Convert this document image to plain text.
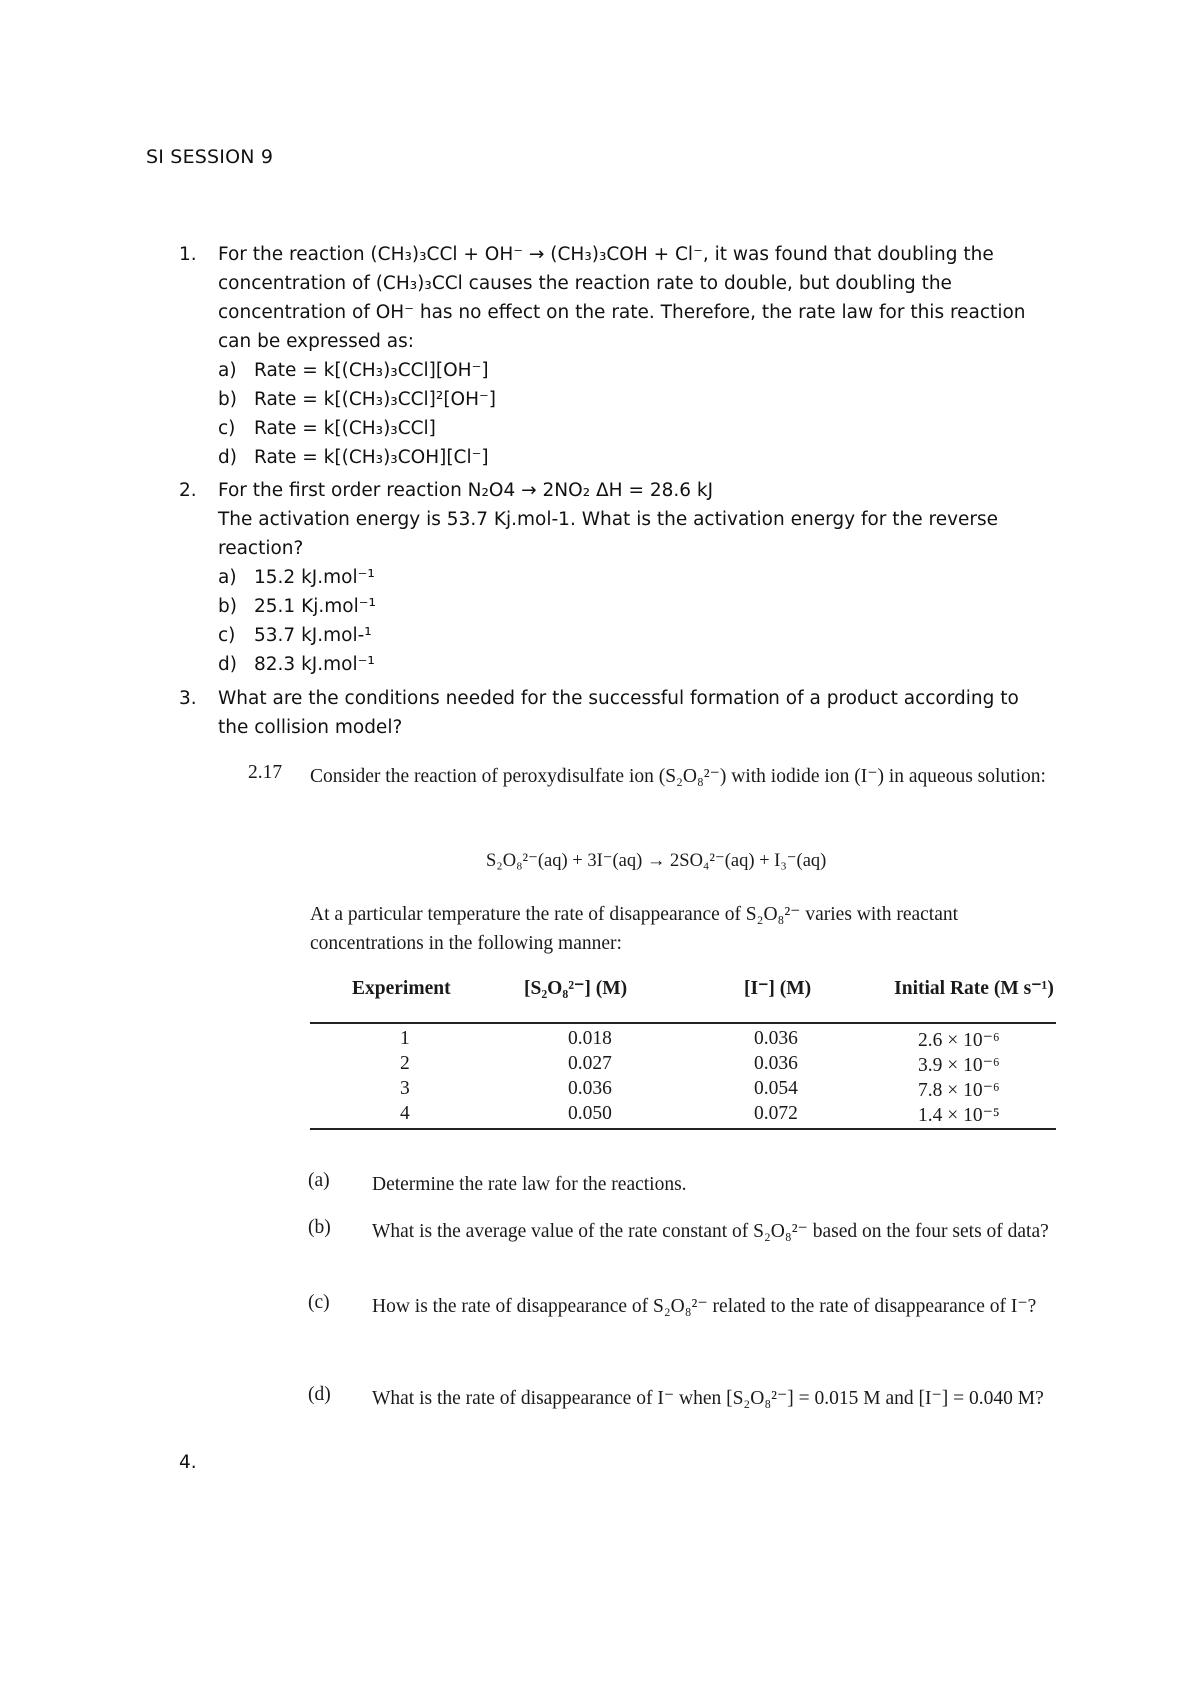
SI SESSION 9
1. For the reaction (CH₃)₃CCl + OH⁻ → (CH₃)₃COH + Cl⁻, it was found that doubling the
concentration of (CH₃)₃CCl causes the reaction rate to double, but doubling the
concentration of OH⁻ has no effect on the rate. Therefore, the rate law for this reaction
can be expressed as:
a) Rate = k[(CH₃)₃CCl][OH⁻]
b) Rate = k[(CH₃)₃CCl]²[OH⁻]
c) Rate = k[(CH₃)₃CCl]
d) Rate = k[(CH₃)₃COH][Cl⁻]
2. For the first order reaction N₂O4 → 2NO₂ ΔH = 28.6 kJ
The activation energy is 53.7 Kj.mol-1. What is the activation energy for the reverse
reaction?
a) 15.2 kJ.mol⁻¹
b) 25.1 Kj.mol⁻¹
c) 53.7 kJ.mol-¹
d) 82.3 kJ.mol⁻¹
3. What are the conditions needed for the successful formation of a product according to
the collision model?
2.17 Consider the reaction of peroxydisulfate ion (S₂O₈²⁻) with iodide ion (I⁻) in aqueous solution:
S₂O₈²⁻(aq) + 3I⁻(aq) → 2SO₄²⁻(aq) + I₃⁻(aq)
At a particular temperature the rate of disappearance of S₂O₈²⁻ varies with reactant concentrations in the following manner:
Experiment	[S₂O₈²⁻] (M)	[I⁻] (M)	Initial Rate (M s⁻¹)
1	0.018	0.036	2.6 × 10⁻⁶
2	0.027	0.036	3.9 × 10⁻⁶
3	0.036	0.054	7.8 × 10⁻⁶
4	0.050	0.072	1.4 × 10⁻⁵
(a) Determine the rate law for the reactions.
(b) What is the average value of the rate constant of S₂O₈²⁻ based on the four sets of data?
(c) How is the rate of disappearance of S₂O₈²⁻ related to the rate of disappearance of I⁻?
(d) What is the rate of disappearance of I⁻ when [S₂O₈²⁻] = 0.015 M and [I⁻] = 0.040 M?
4.
